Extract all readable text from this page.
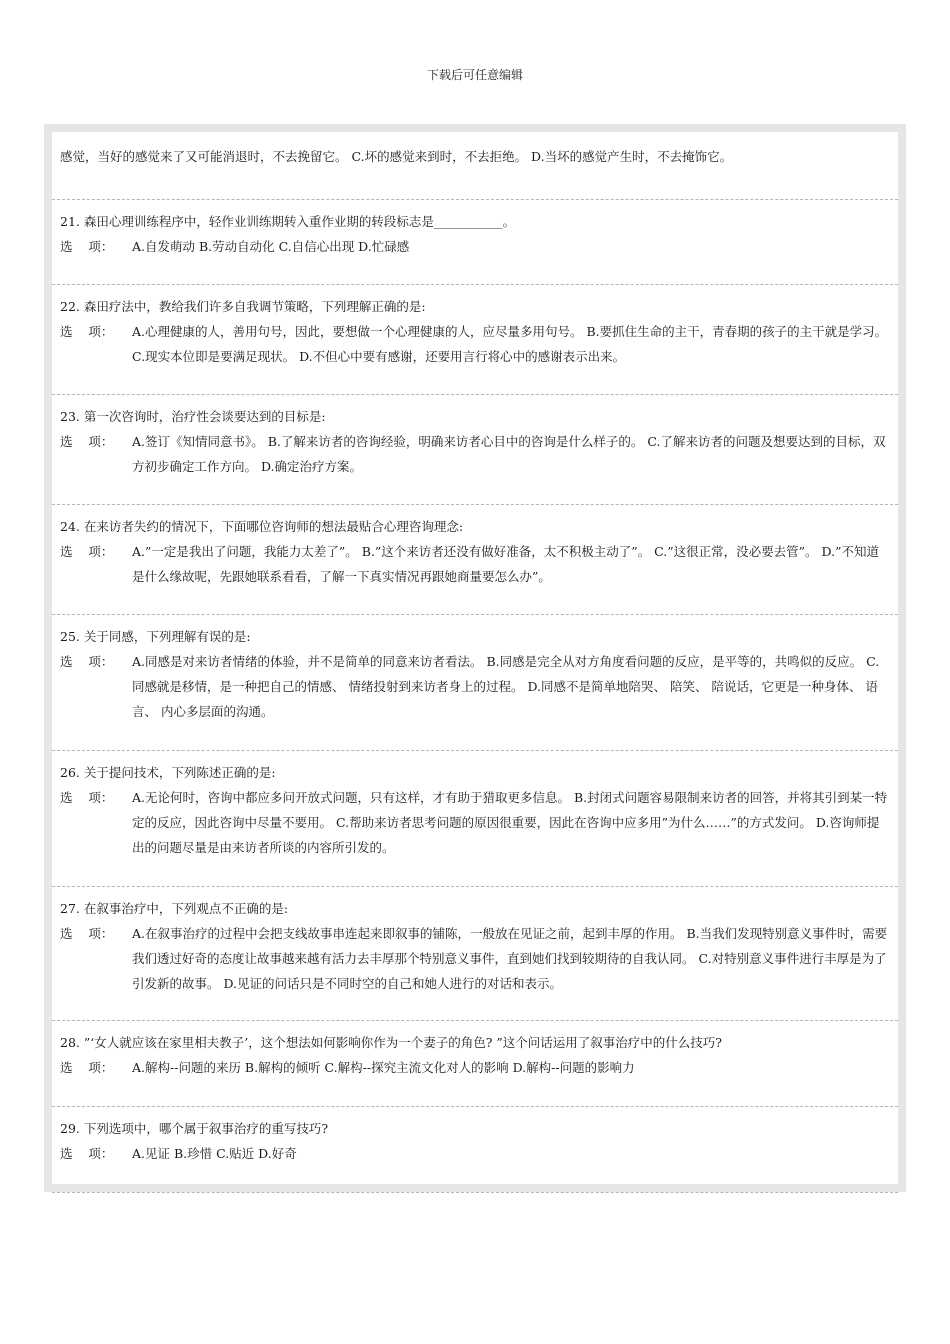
下载后可任意编辑

感觉，当好的感觉来了又可能消退时，不去挽留它。 C.坏的感觉来到时，不去拒绝。 D.当坏的感觉产生时，不去掩饰它。

21. 森田心理训练程序中，轻作业训练期转入重作业期的转段标志是___________。

选    项：	A.自发萌动 B.劳动自动化 C.自信心出现 D.忙碌感

22. 森田疗法中，教给我们许多自我调节策略，下列理解正确的是:

选    项：	A.心理健康的人，善用句号，因此，要想做一个心理健康的人，应尽量多用句号。 B.要抓住生命的主干，青春期的孩子的主干就是学习。 C.现实本位即是要满足现状。 D.不但心中要有感谢，还要用言行将心中的感谢表示出来。

23. 第一次咨询时，治疗性会谈要达到的目标是:

选    项：	A.签订《知情同意书》。 B.了解来访者的咨询经验，明确来访者心目中的咨询是什么样子的。 C.了解来访者的问题及想要达到的目标，双方初步确定工作方向。 D.确定治疗方案。

24. 在来访者失约的情况下，下面哪位咨询师的想法最贴合心理咨询理念:

选    项：	A.”一定是我出了问题，我能力太差了”。 B.”这个来访者还没有做好准备，太不积极主动了”。 C.”这很正常，没必要去管”。 D.”不知道是什么缘故呢，先跟她联系看看，了解一下真实情况再跟她商量要怎么办”。

25. 关于同感，下列理解有误的是:

选    项：	A.同感是对来访者情绪的体验，并不是简单的同意来访者看法。 B.同感是完全从对方角度看问题的反应，是平等的，共鸣似的反应。 C.同感就是移情，是一种把自己的情感、 情绪投射到来访者身上的过程。 D.同感不是简单地陪哭、 陪笑、 陪说话，它更是一种身体、 语言、 内心多层面的沟通。

26. 关于提问技术，下列陈述正确的是:

选    项：	A.无论何时，咨询中都应多问开放式问题，只有这样，才有助于猎取更多信息。 B.封闭式问题容易限制来访者的回答，并将其引到某一特定的反应，因此咨询中尽量不要用。 C.帮助来访者思考问题的原因很重要，因此在咨询中应多用”为什么……”的方式发问。 D.咨询师提出的问题尽量是由来访者所谈的内容所引发的。

27. 在叙事治疗中，下列观点不正确的是:

选    项：	A.在叙事治疗的过程中会把支线故事串连起来即叙事的铺陈，一般放在见证之前，起到丰厚的作用。 B.当我们发现特别意义事件时，需要我们透过好奇的态度让故事越来越有活力去丰厚那个特别意义事件，直到她们找到较期待的自我认同。 C.对特别意义事件进行丰厚是为了引发新的故事。 D.见证的问话只是不同时空的自己和她人进行的对话和表示。

28. ”‘女人就应该在家里相夫教子’，这个想法如何影响你作为一个妻子的角色? ”这个问话运用了叙事治疗中的什么技巧?

选    项：	A.解构--问题的来历 B.解构的倾听 C.解构--探究主流文化对人的影响 D.解构--问题的影响力

29. 下列选项中，哪个属于叙事治疗的重写技巧?

选    项：	A.见证 B.珍惜 C.贴近 D.好奇
